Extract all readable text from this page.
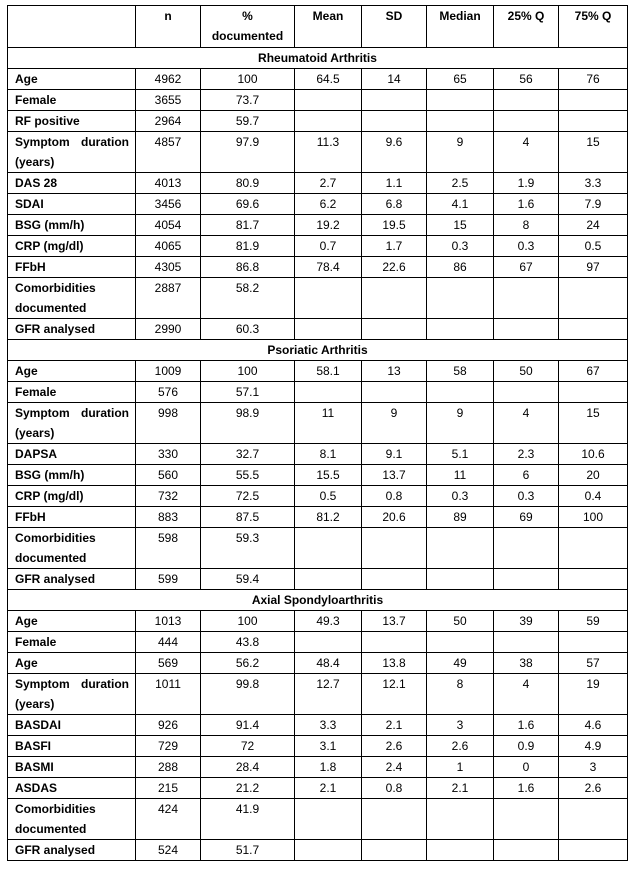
	n	% documented	Mean	SD	Median	25% Q	75% Q
Rheumatoid Arthritis							
Age	4962	100	64.5	14	65	56	76
Female	3655	73.7					
RF positive	2964	59.7					
Symptom duration (years)	4857	97.9	11.3	9.6	9	4	15
DAS 28	4013	80.9	2.7	1.1	2.5	1.9	3.3
SDAI	3456	69.6	6.2	6.8	4.1	1.6	7.9
BSG (mm/h)	4054	81.7	19.2	19.5	15	8	24
CRP (mg/dl)	4065	81.9	0.7	1.7	0.3	0.3	0.5
FFbH	4305	86.8	78.4	22.6	86	67	97
Comorbidities documented	2887	58.2					
GFR analysed	2990	60.3					
Psoriatic Arthritis							
Age	1009	100	58.1	13	58	50	67
Female	576	57.1					
Symptom duration (years)	998	98.9	11	9	9	4	15
DAPSA	330	32.7	8.1	9.1	5.1	2.3	10.6
BSG (mm/h)	560	55.5	15.5	13.7	11	6	20
CRP (mg/dl)	732	72.5	0.5	0.8	0.3	0.3	0.4
FFbH	883	87.5	81.2	20.6	89	69	100
Comorbidities documented	598	59.3					
GFR analysed	599	59.4					
Axial Spondyloarthritis							
Age	1013	100	49.3	13.7	50	39	59
Female	444	43.8					
Age	569	56.2	48.4	13.8	49	38	57
Symptom duration (years)	1011	99.8	12.7	12.1	8	4	19
BASDAI	926	91.4	3.3	2.1	3	1.6	4.6
BASFI	729	72	3.1	2.6	2.6	0.9	4.9
BASMI	288	28.4	1.8	2.4	1	0	3
ASDAS	215	21.2	2.1	0.8	2.1	1.6	2.6
Comorbidities documented	424	41.9					
GFR analysed	524	51.7					
